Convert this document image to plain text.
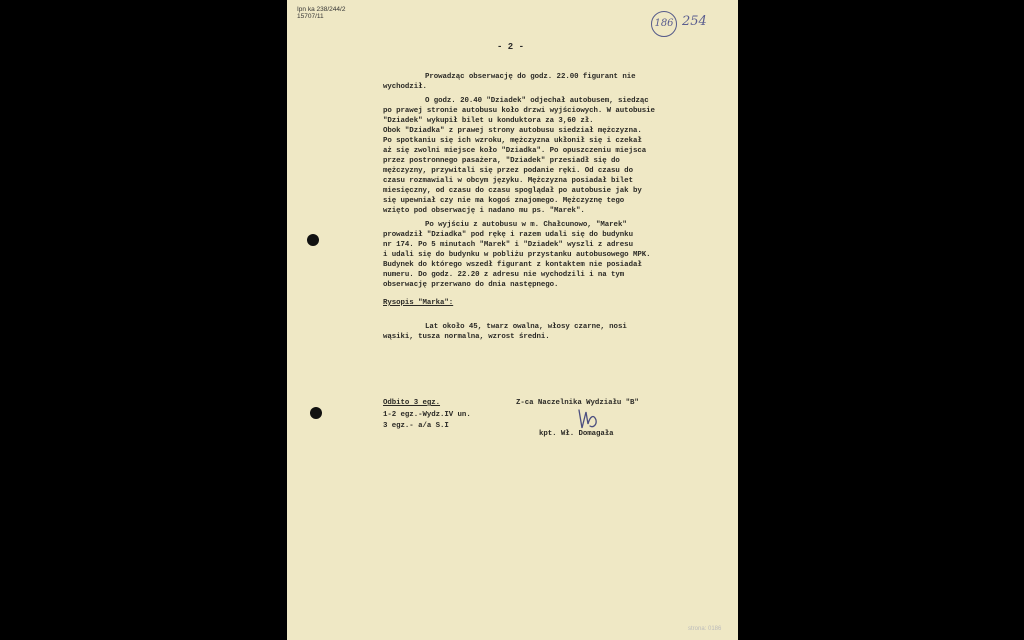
Ipn ka 238/244/2
15707/11
186 254
- 2 -
Prowadząc obserwację do godz. 22.00 figurant nie
wychodził.
O godz. 20.40 "Dziadek" odjechał autobusem, siedząc
po prawej stronie autobusu koło drzwi wyjściowych. W autobusie
"Dziadek" wykupił bilet u konduktora za 3,60 zł.
Obok "Dziadka" z prawej strony autobusu siedział mężczyzna.
Po spotkaniu się ich wzroku, mężczyzna ukłonił się i czekał
aż się zwolni miejsce koło "Dziadka". Po opuszczeniu miejsca
przez postronnego pasażera, "Dziadek" przesiadł się do
mężczyzny, przywitali się przez podanie ręki. Od czasu do
czasu rozmawiali w obcym języku. Mężczyzna posiadał bilet
miesięczny, od czasu do czasu spoglądał po autobusie jak by
się upewniał czy nie ma kogoś znajomego. Mężczyznę tego
wzięto pod obserwację i nadano mu ps. "Marek".
Po wyjściu z autobusu w m. Chałcunowo, "Marek"
prowadził "Dziadka" pod rękę i razem udali się do budynku
nr 174. Po 5 minutach "Marek" i "Dziadek" wyszli z adresu
i udali się do budynku w pobliżu przystanku autobusowego MPK.
Budynek do którego wszedł figurant z kontaktem nie posiadał
numeru. Do godz. 22.20 z adresu nie wychodzili i na tym
obserwację przerwano do dnia następnego.
Rysopis "Marka":
Lat około 45, twarz owalna, włosy czarne, nosi
wąsiki, tusza normalna, wzrost średni.
Odbito 3 egz.
1-2 egz.-Wydz.IV un.
3 egz.- a/a S.I
Z-ca Naczelnika Wydziału "B"
kpt. Wł. Domagała
strona: 0186
